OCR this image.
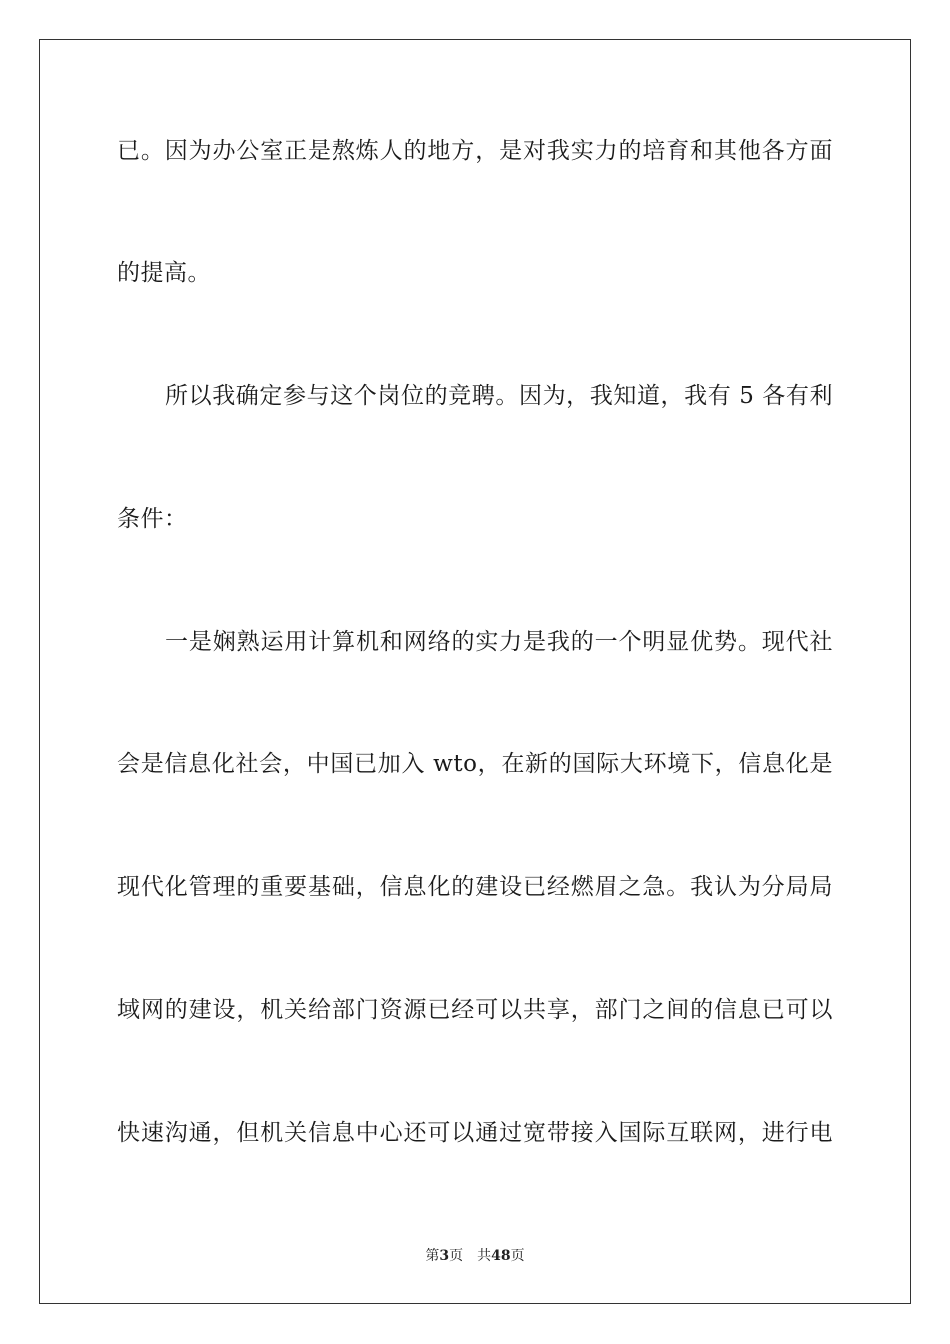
已。因为办公室正是熬炼人的地方，是对我实力的培育和其他各方面
的提高。
所以我确定参与这个岗位的竞聘。因为，我知道，我有 5 各有利
条件：
一是娴熟运用计算机和网络的实力是我的一个明显优势。现代社
会是信息化社会，中国已加入 wto，在新的国际大环境下，信息化是
现代化管理的重要基础，信息化的建设已经燃眉之急。我认为分局局
域网的建设，机关给部门资源已经可以共享，部门之间的信息已可以
快速沟通，但机关信息中心还可以通过宽带接入国际互联网，进行电
第3页 共48页
